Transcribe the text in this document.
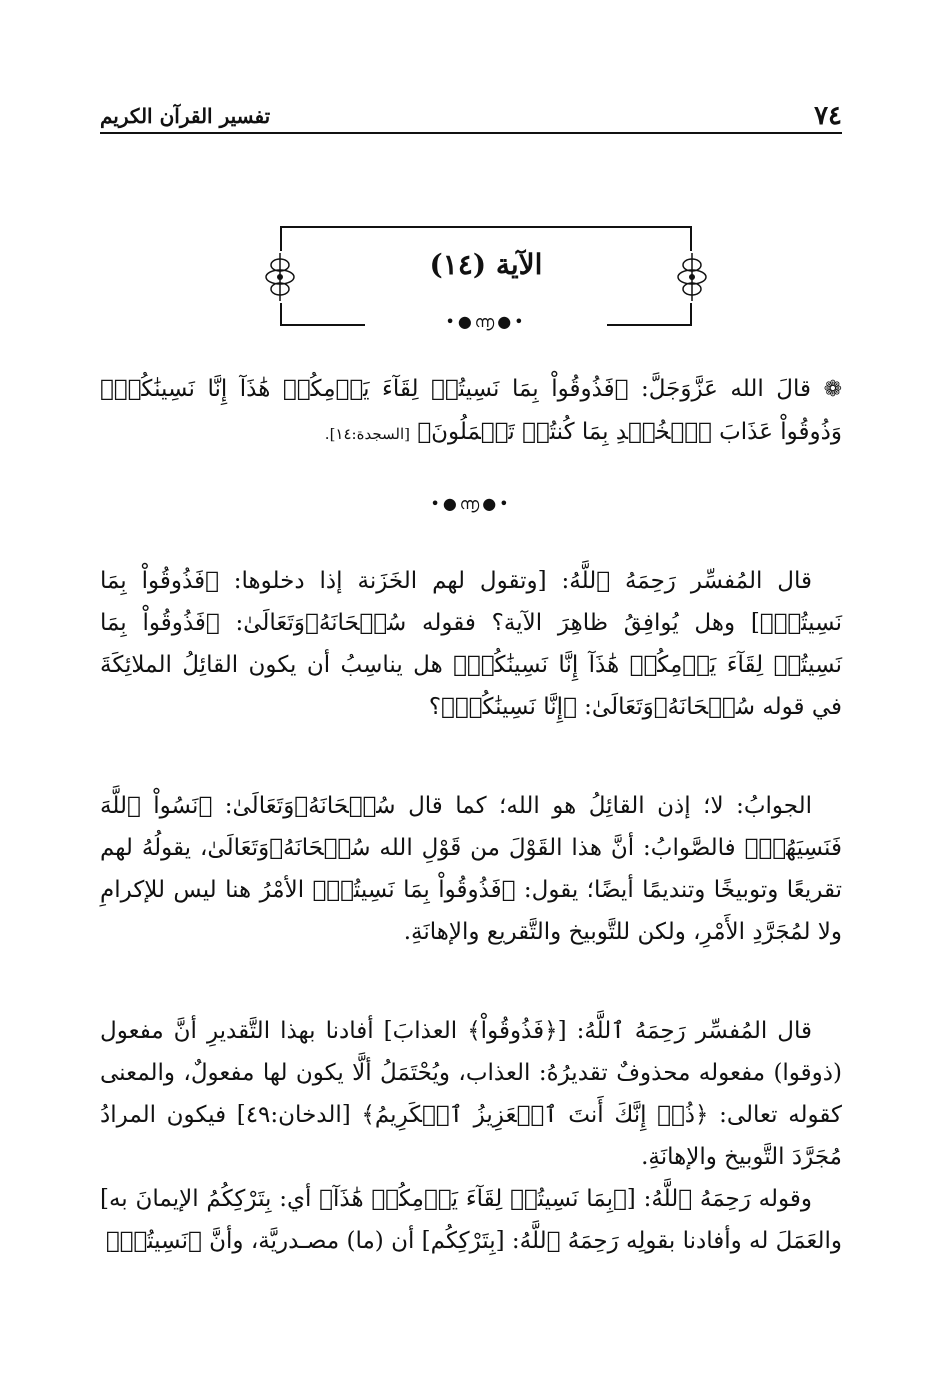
٧٤
تفسير القرآن الكريم
الآية (١٤)
•●൬●•
❁ قالَ الله عَزَّوَجَلَّ: ﴿فَذُوقُواْ بِمَا نَسِيتُمۡ لِقَآءَ يَوۡمِكُمۡ هَٰذَآ إِنَّا نَسِينَٰكُمۡۖ وَذُوقُواْ عَذَابَ ٱلۡخُلۡدِ بِمَا كُنتُمۡ تَعۡمَلُونَ﴾ [السجدة:١٤].
•●൬●•
قال المُفسِّر رَحِمَهُ ٱللَّهُ: [وتقول لهم الخَزَنة إذا دخلوها: ﴿فَذُوقُواْ بِمَا نَسِيتُمۡ﴾] وهل يُوافِقُ ظاهِرَ الآية؟ فقوله سُبۡحَانَهُۥوَتَعَالَىٰ: ﴿فَذُوقُواْ بِمَا نَسِيتُمۡ لِقَآءَ يَوۡمِكُمۡ هَٰذَآ إِنَّا نَسِينَٰكُمۡ﴾ هل يناسِبُ أن يكون القائِلُ الملائِكَةَ في قوله سُبۡحَانَهُۥوَتَعَالَىٰ: ﴿إِنَّا نَسِينَٰكُمۡ﴾؟
الجوابُ: لا؛ إذن القائِلُ هو الله؛ كما قال سُبۡحَانَهُۥوَتَعَالَىٰ: ﴿نَسُواْ ٱللَّهَ فَنَسِيَهُمۡ﴾ فالصَّوابُ: أنَّ هذا القَوْلَ من قَوْلِ الله سُبۡحَانَهُۥوَتَعَالَىٰ، يقولُهُ لهم تقريعًا وتوبيخًا وتنديمًا أيضًا؛ يقول: ﴿فَذُوقُواْ بِمَا نَسِيتُمۡ﴾ الأمْرُ هنا ليس للإكرامِ ولا لمُجَرَّدِ الأَمْرِ، ولكن للتَّوبيخ والتَّقريع والإهانَةِ.
قال المُفسِّر رَحِمَهُ ٱللَّهُ: [﴿فَذُوقُواْ﴾ العذابَ] أفادنا بهذا التَّقديرِ أنَّ مفعول (ذوقوا) مفعوله محذوفٌ تقديرُهُ: العذاب، ويُحْتَمَلُ ألَّا يكون لها مفعولٌ، والمعنى كقوله تعالى: ﴿ذُقۡ إِنَّكَ أَنتَ ٱلۡعَزِيزُ ٱلۡكَرِيمُ﴾ [الدخان:٤٩] فيكون المرادُ مُجَرَّدَ التَّوبيخ والإهانَةِ.
وقوله رَحِمَهُ ٱللَّهُ: [﴿بِمَا نَسِيتُمۡ لِقَآءَ يَوۡمِكُمۡ هَٰذَآ﴾ أي: بِتَرْكِكُمُ الإيمانَ به] والعَمَلَ له وأفادنا بقولِه رَحِمَهُ ٱللَّهُ: [بِتَرْكِكُم] أن (ما) مصـدريَّة، وأنَّ ﴿نَسِيتُمۡ﴾
